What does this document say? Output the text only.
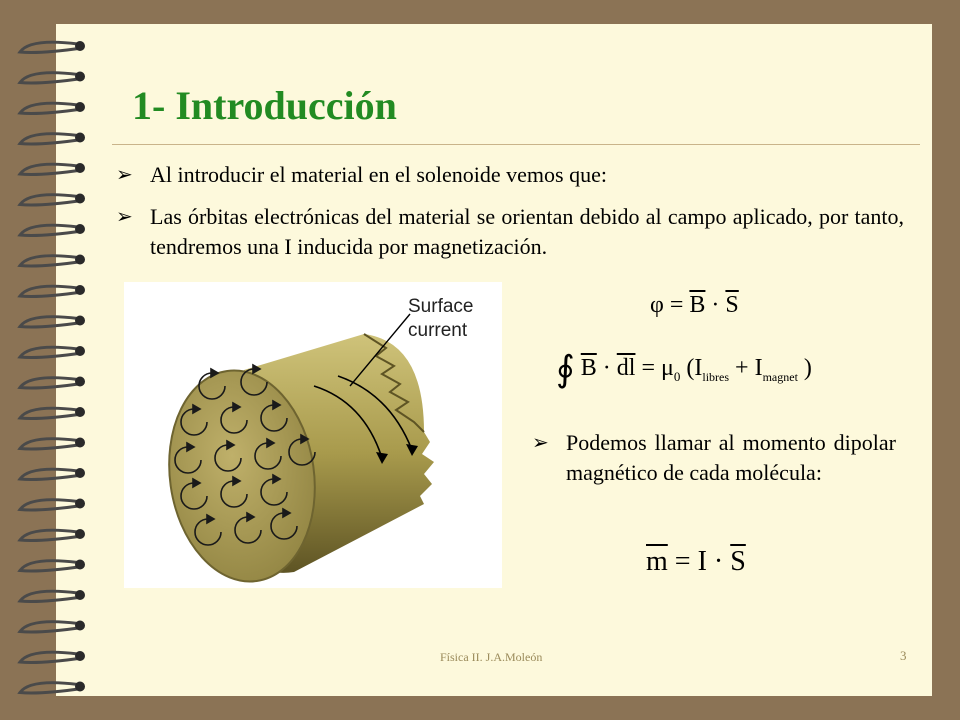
1- Introducción
➢ Al introducir el material en el solenoide vemos que:
➢ Las órbitas electrónicas del material se orientan debido al campo aplicado, por tanto, tendremos una I inducida por magnetización.
Surface
current
$\varphi = \overline{B} \cdot \overline{S}$
∮ $\overline{B} \cdot \overline{dl} = \mu_0$ ($I_{libres} + I_{magnet}$ )
➢ Podemos llamar al momento dipolar magnético de cada molécula:
$\overline{m} = I \cdot \overline{S}$
Física II. J.A.Moleón	3
